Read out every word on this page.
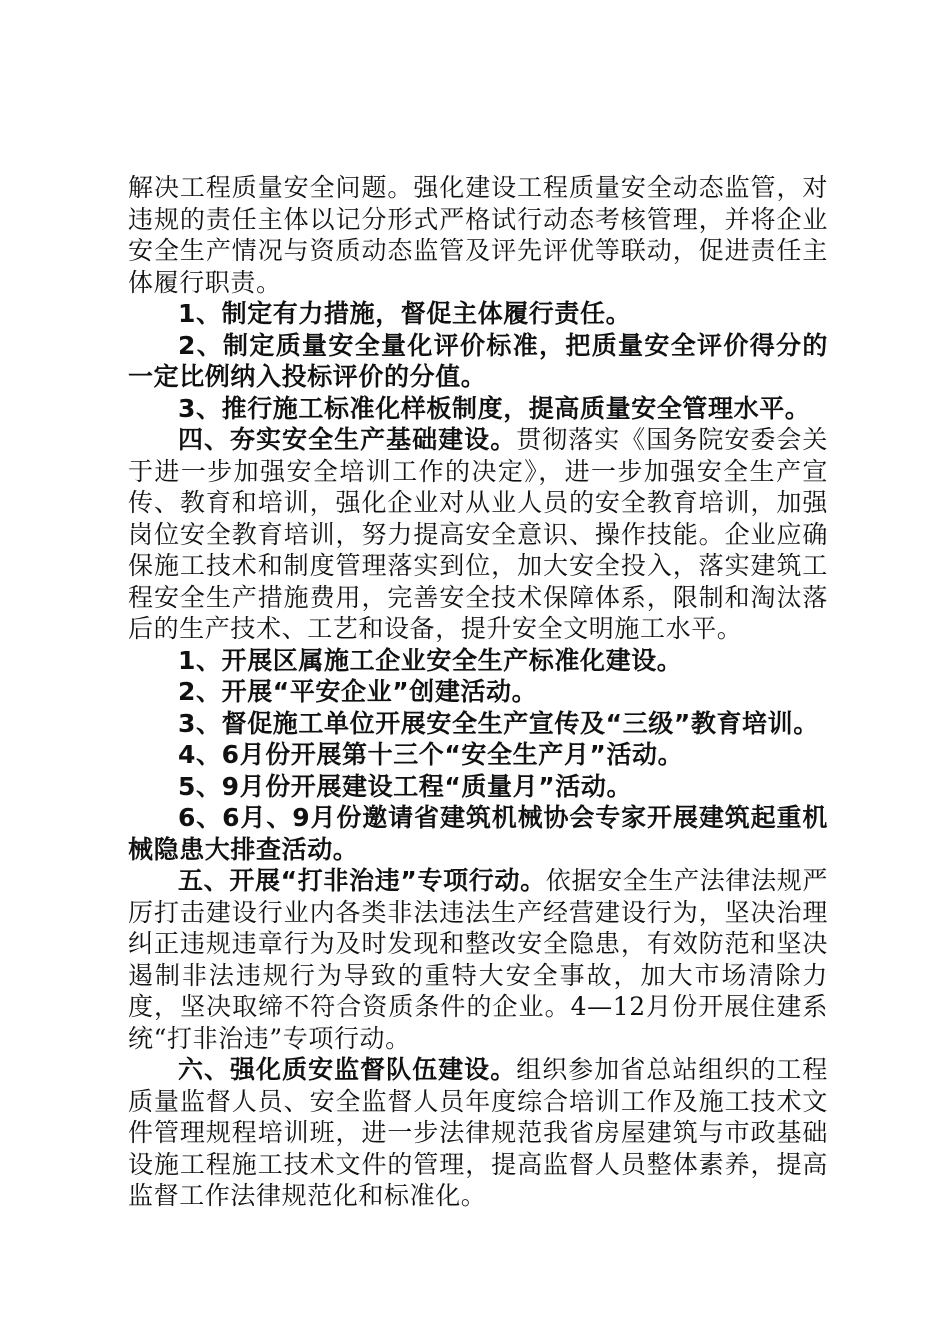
解决工程质量安全问题。强化建设工程质量安全动态监管，对违规的责任主体以记分形式严格试行动态考核管理，并将企业安全生产情况与资质动态监管及评先评优等联动，促进责任主体履行职责。

1、制定有力措施，督促主体履行责任。

2、制定质量安全量化评价标准，把质量安全评价得分的一定比例纳入投标评价的分值。

3、推行施工标准化样板制度，提高质量安全管理水平。

四、夯实安全生产基础建设。贯彻落实《国务院安委会关于进一步加强安全培训工作的决定》，进一步加强安全生产宣传、教育和培训，强化企业对从业人员的安全教育培训，加强岗位安全教育培训，努力提高安全意识、操作技能。企业应确保施工技术和制度管理落实到位，加大安全投入，落实建筑工程安全生产措施费用，完善安全技术保障体系，限制和淘汰落后的生产技术、工艺和设备，提升安全文明施工水平。

1、开展区属施工企业安全生产标准化建设。

2、开展“平安企业”创建活动。

3、督促施工单位开展安全生产宣传及“三级”教育培训。

4、6月份开展第十三个“安全生产月”活动。

5、9月份开展建设工程“质量月”活动。

6、6月、9月份邀请省建筑机械协会专家开展建筑起重机械隐患大排查活动。

五、开展“打非治违”专项行动。依据安全生产法律法规严厉打击建设行业内各类非法违法生产经营建设行为，坚决治理纠正违规违章行为及时发现和整改安全隐患，有效防范和坚决遏制非法违规行为导致的重特大安全事故，加大市场清除力度，坚决取缔不符合资质条件的企业。4—12月份开展住建系统“打非治违”专项行动。

六、强化质安监督队伍建设。组织参加省总站组织的工程质量监督人员、安全监督人员年度综合培训工作及施工技术文件管理规程培训班，进一步法律规范我省房屋建筑与市政基础设施工程施工技术文件的管理，提高监督人员整体素养，提高监督工作法律规范化和标准化。
